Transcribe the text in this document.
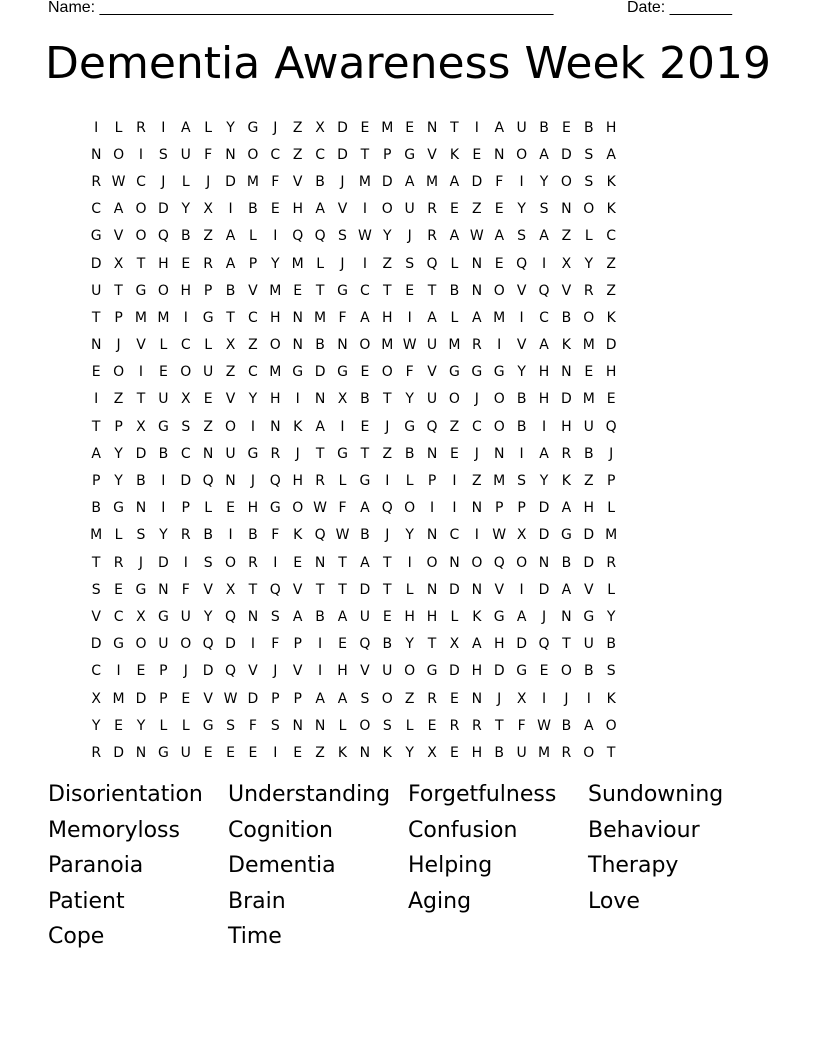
Name: ___________________________________________________	Date: _______
Dementia Awareness Week 2019
I	L R	I	A L	Y G	J	Z X D E M E N T	I	A U B E B H
N O	I	S U F N O C Z C D T P G V K E N O A D S A
R W C	J	L	J	D M F V B	J	M D A M A D F	I	Y O S K
C A O D Y X	I	B E H A V	I	O U R E Z E Y S N O K
G V O Q B Z A L	I	Q Q S W Y	J	R A W A S A Z L C
D X T H E R A P Y M L	J	I	Z S Q L N E Q	I	X Y Z
U T G O H P B V M E T G C T E T B N O V Q V R Z
T P M M	I	G T C H N M F A H	I	A L A M	I	C B O K
N	J	V L C L X Z O N B N O M W U M R	I	V A K M D
E O	I	E O U Z C M G D G E O F V G G G Y H N E H
I	Z T U X E V Y H	I	N X B T Y U O	J	O B H D M E
T P X G S Z O	I	N K A	I	E	J	G Q Z C O B	I	H U Q
A Y D B C N U G R	J	T G T Z B N E	J	N	I	A R B	J
P Y B	I	D Q N	J	Q H R L G	I	L	P	I	Z M S Y K Z P
B G N	I	P	L	E H G O W F A Q O	I	I	N P P D A H L
M L	S Y R B	I	B F K Q W B	J	Y N C	I W X D G D M
T R	J	D	I	S O R	I	E N T A T	I	O N O Q O N B D R
S E G N F V X T Q V T T D T	L N D N V	I	D A V L
V C X G U Y Q N S A B A U E H H L K G A	J	N G Y
D G O U O Q D	I	F	P	I	E Q B Y T X A H D Q T U B
C	I	E P	J	D Q V	J	V	I	H V U O G D H D G E O B S
X M D P E V W D P P A A S O Z R E N	J	X	I	J	I	K
Y E Y	L	L G S F S N N L O S	L	E R R T	F W B A O
R D N G U E E E	I	E Z K N K Y X E H B U M R O T
Disorientation	Understanding Forgetfulness	Sundowning
Memoryloss	Cognition	Confusion	Behaviour
Paranoia	Dementia	Helping	Therapy
Patient	Brain	Aging	Love
Cope	Time
